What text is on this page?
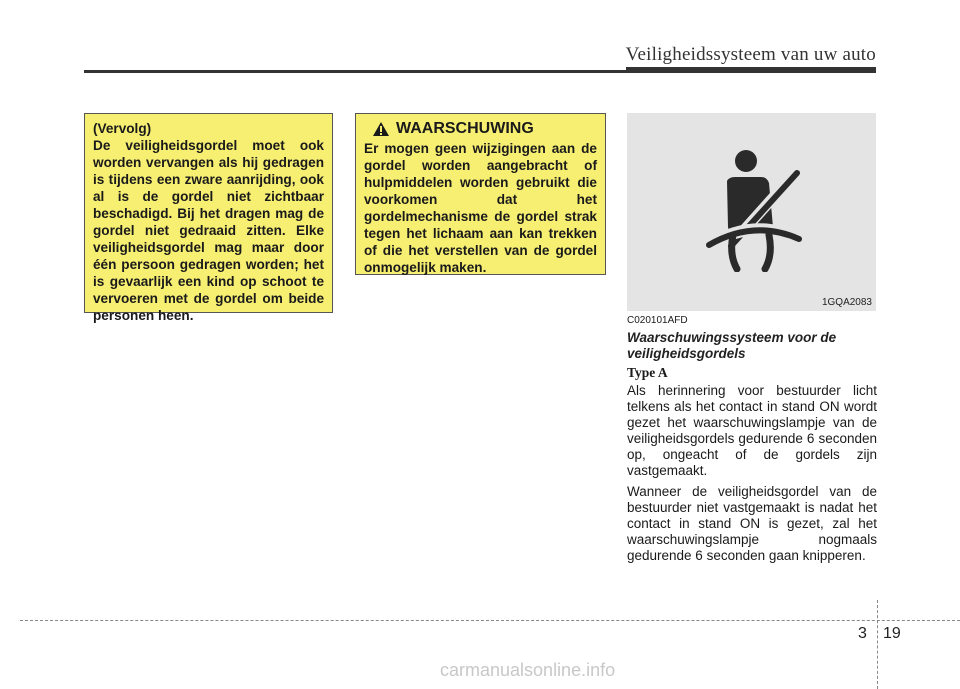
Veiligheidssysteem van uw auto

(Vervolg)

De veiligheidsgordel moet ook worden vervangen als hij gedragen is tijdens een zware aanrijding, ook al is de gordel niet zichtbaar beschadigd. Bij het dragen mag de gordel niet gedraaid zitten. Elke veiligheidsgordel mag maar door één persoon gedragen worden; het is gevaarlijk een kind op schoot te vervoeren met de gordel om beide personen heen.

WAARSCHUWING

Er mogen geen wijzigingen aan de gordel worden aangebracht of hulpmiddelen worden gebruikt die voorkomen dat het gordelmechanisme de gordel strak tegen het lichaam aan kan trekken of die het verstellen van de gordel onmogelijk maken.

1GQA2083

C020101AFD

Waarschuwingssysteem voor de veiligheidsgordels

Type A

Als herinnering voor bestuurder licht telkens als het contact in stand ON wordt gezet het waarschuwingslampje van de veiligheidsgordels gedurende 6 seconden op, ongeacht of de gordels zijn vastgemaakt.

Wanneer de veiligheidsgordel van de bestuurder niet vastgemaakt is nadat het contact in stand ON is gezet, zal het waarschuwingslampje nogmaals gedurende 6 seconden gaan knipperen.

3 19
carmanualsonline.info
